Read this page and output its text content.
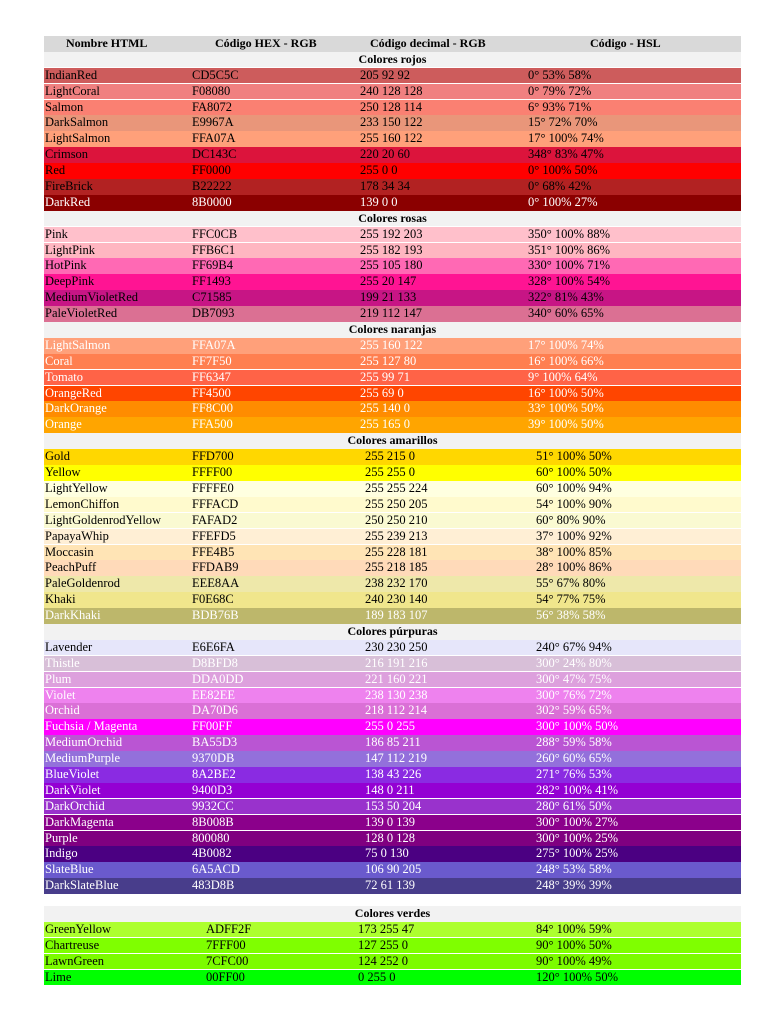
Nombre HTML	Código HEX - RGB	Código decimal - RGB	Código - HSL
Colores rojos
IndianRed	CD5C5C	205 92 92	0° 53% 58%
LightCoral	F08080	240 128 128	0° 79% 72%
Salmon	FA8072	250 128 114	6° 93% 71%
DarkSalmon	E9967A	233 150 122	15° 72% 70%
LightSalmon	FFA07A	255 160 122	17° 100% 74%
Crimson	DC143C	220 20 60	348° 83% 47%
Red	FF0000	255 0 0	0° 100% 50%
FireBrick	B22222	178 34 34	0° 68% 42%
DarkRed	8B0000	139 0 0	0° 100% 27%
Colores rosas
Pink	FFC0CB	255 192 203	350° 100% 88%
LightPink	FFB6C1	255 182 193	351° 100% 86%
HotPink	FF69B4	255 105 180	330° 100% 71%
DeepPink	FF1493	255 20 147	328° 100% 54%
MediumVioletRed	C71585	199 21 133	322° 81% 43%
PaleVioletRed	DB7093	219 112 147	340° 60% 65%
Colores naranjas
LightSalmon	FFA07A	255 160 122	17° 100% 74%
Coral	FF7F50	255 127 80	16° 100% 66%
Tomato	FF6347	255 99 71	9° 100% 64%
OrangeRed	FF4500	255 69 0	16° 100% 50%
DarkOrange	FF8C00	255 140 0	33° 100% 50%
Orange	FFA500	255 165 0	39° 100% 50%
Colores amarillos
Gold	FFD700	255 215 0	51° 100% 50%
Yellow	FFFF00	255 255 0	60° 100% 50%
LightYellow	FFFFE0	255 255 224	60° 100% 94%
LemonChiffon	FFFACD	255 250 205	54° 100% 90%
LightGoldenrodYellow FAFAD2	250 250 210	60° 80% 90%
PapayaWhip	FFEFD5	255 239 213	37° 100% 92%
Moccasin	FFE4B5	255 228 181	38° 100% 85%
PeachPuff	FFDAB9	255 218 185	28° 100% 86%
PaleGoldenrod	EEE8AA	238 232 170	55° 67% 80%
Khaki	F0E68C	240 230 140	54° 77% 75%
DarkKhaki	BDB76B	189 183 107	56° 38% 58%
Colores púrpuras
Lavender	E6E6FA	230 230 250	240° 67% 94%
Thistle	D8BFD8	216 191 216	300° 24% 80%
Plum	DDA0DD	221 160 221	300° 47% 75%
Violet	EE82EE	238 130 238	300° 76% 72%
Orchid	DA70D6	218 112 214	302° 59% 65%
Fuchsia / Magenta	FF00FF	255 0 255	300° 100% 50%
MediumOrchid	BA55D3	186 85 211	288° 59% 58%
MediumPurple	9370DB	147 112 219	260° 60% 65%
BlueViolet	8A2BE2	138 43 226	271° 76% 53%
DarkViolet	9400D3	148 0 211	282° 100% 41%
DarkOrchid	9932CC	153 50 204	280° 61% 50%
DarkMagenta	8B008B	139 0 139	300° 100% 27%
Purple	800080	128 0 128	300° 100% 25%
Indigo	4B0082	75 0 130	275° 100% 25%
SlateBlue	6A5ACD	106 90 205	248° 53% 58%
DarkSlateBlue	483D8B	72 61 139	248° 39% 39%
Colores verdes
GreenYellow	ADFF2F	173 255 47	84° 100% 59%
Chartreuse	7FFF00	127 255 0	90° 100% 50%
LawnGreen	7CFC00	124 252 0	90° 100% 49%
Lime	00FF00	0 255 0	120° 100% 50%
